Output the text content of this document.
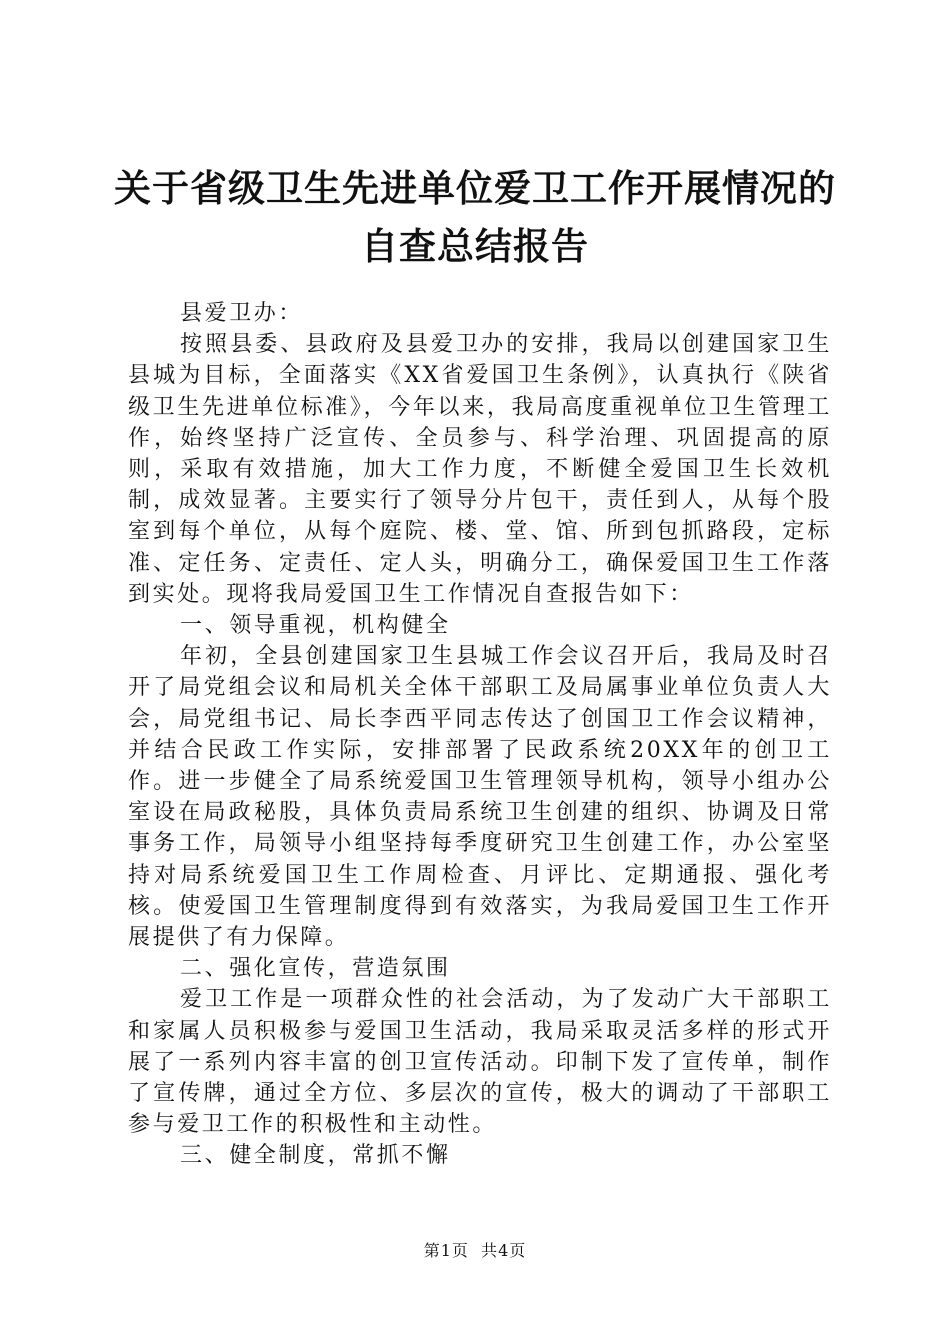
关于省级卫生先进单位爱卫工作开展情况的自查总结报告

县爱卫办：

按照县委、县政府及县爱卫办的安排，我局以创建国家卫生县城为目标，全面落实《XX省爱国卫生条例》，认真执行《陕省级卫生先进单位标准》，今年以来，我局高度重视单位卫生管理工作，始终坚持广泛宣传、全员参与、科学治理、巩固提高的原则，采取有效措施，加大工作力度，不断健全爱国卫生长效机制，成效显著。主要实行了领导分片包干，责任到人，从每个股室到每个单位，从每个庭院、楼、堂、馆、所到包抓路段，定标准、定任务、定责任、定人头，明确分工，确保爱国卫生工作落到实处。现将我局爱国卫生工作情况自查报告如下：

一、领导重视，机构健全

年初，全县创建国家卫生县城工作会议召开后，我局及时召开了局党组会议和局机关全体干部职工及局属事业单位负责人大会，局党组书记、局长李西平同志传达了创国卫工作会议精神，并结合民政工作实际，安排部署了民政系统20XX年的创卫工作。进一步健全了局系统爱国卫生管理领导机构，领导小组办公室设在局政秘股，具体负责局系统卫生创建的组织、协调及日常事务工作，局领导小组坚持每季度研究卫生创建工作，办公室坚持对局系统爱国卫生工作周检查、月评比、定期通报、强化考核。使爱国卫生管理制度得到有效落实，为我局爱国卫生工作开展提供了有力保障。

二、强化宣传，营造氛围

爱卫工作是一项群众性的社会活动，为了发动广大干部职工和家属人员积极参与爱国卫生活动，我局采取灵活多样的形式开展了一系列内容丰富的创卫宣传活动。印制下发了宣传单，制作了宣传牌，通过全方位、多层次的宣传，极大的调动了干部职工参与爱卫工作的积极性和主动性。

三、健全制度，常抓不懈

第1页 共4页
